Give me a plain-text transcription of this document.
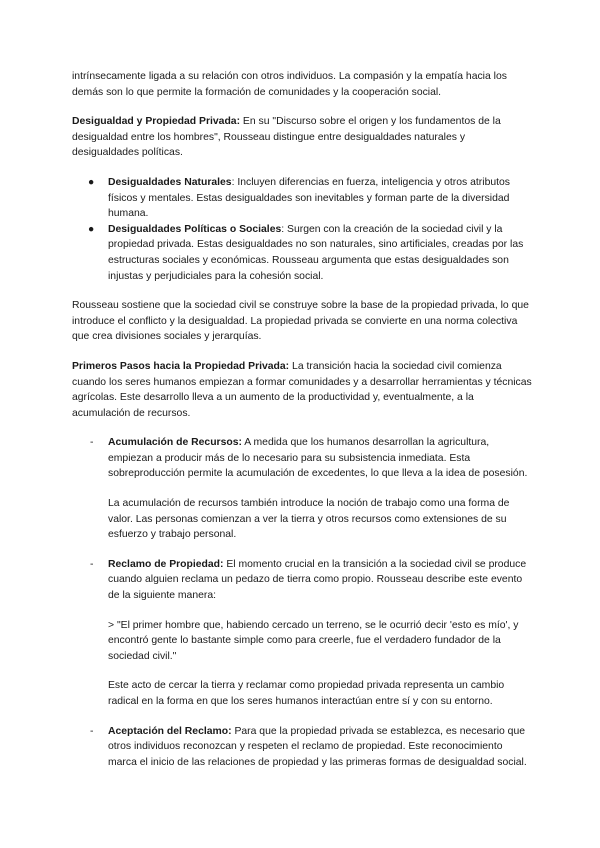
intrínsecamente ligada a su relación con otros individuos. La compasión y la empatía hacia los demás son lo que permite la formación de comunidades y la cooperación social.

Desigualdad y Propiedad Privada: En su "Discurso sobre el origen y los fundamentos de la desigualdad entre los hombres", Rousseau distingue entre desigualdades naturales y desigualdades políticas.

● Desigualdades Naturales: Incluyen diferencias en fuerza, inteligencia y otros atributos físicos y mentales. Estas desigualdades son inevitables y forman parte de la diversidad humana.
● Desigualdades Políticas o Sociales: Surgen con la creación de la sociedad civil y la propiedad privada. Estas desigualdades no son naturales, sino artificiales, creadas por las estructuras sociales y económicas. Rousseau argumenta que estas desigualdades son injustas y perjudiciales para la cohesión social.

Rousseau sostiene que la sociedad civil se construye sobre la base de la propiedad privada, lo que introduce el conflicto y la desigualdad. La propiedad privada se convierte en una norma colectiva que crea divisiones sociales y jerarquías.

Primeros Pasos hacia la Propiedad Privada: La transición hacia la sociedad civil comienza cuando los seres humanos empiezan a formar comunidades y a desarrollar herramientas y técnicas agrícolas. Este desarrollo lleva a un aumento de la productividad y, eventualmente, a la acumulación de recursos.

- Acumulación de Recursos: A medida que los humanos desarrollan la agricultura, empiezan a producir más de lo necesario para su subsistencia inmediata. Esta sobreproducción permite la acumulación de excedentes, lo que lleva a la idea de posesión.

La acumulación de recursos también introduce la noción de trabajo como una forma de valor. Las personas comienzan a ver la tierra y otros recursos como extensiones de su esfuerzo y trabajo personal.

- Reclamo de Propiedad: El momento crucial en la transición a la sociedad civil se produce cuando alguien reclama un pedazo de tierra como propio. Rousseau describe este evento de la siguiente manera:

> "El primer hombre que, habiendo cercado un terreno, se le ocurrió decir 'esto es mío', y encontró gente lo bastante simple como para creerle, fue el verdadero fundador de la sociedad civil."

Este acto de cercar la tierra y reclamar como propiedad privada representa un cambio radical en la forma en que los seres humanos interactúan entre sí y con su entorno.

- Aceptación del Reclamo: Para que la propiedad privada se establezca, es necesario que otros individuos reconozcan y respeten el reclamo de propiedad. Este reconocimiento marca el inicio de las relaciones de propiedad y las primeras formas de desigualdad social.
